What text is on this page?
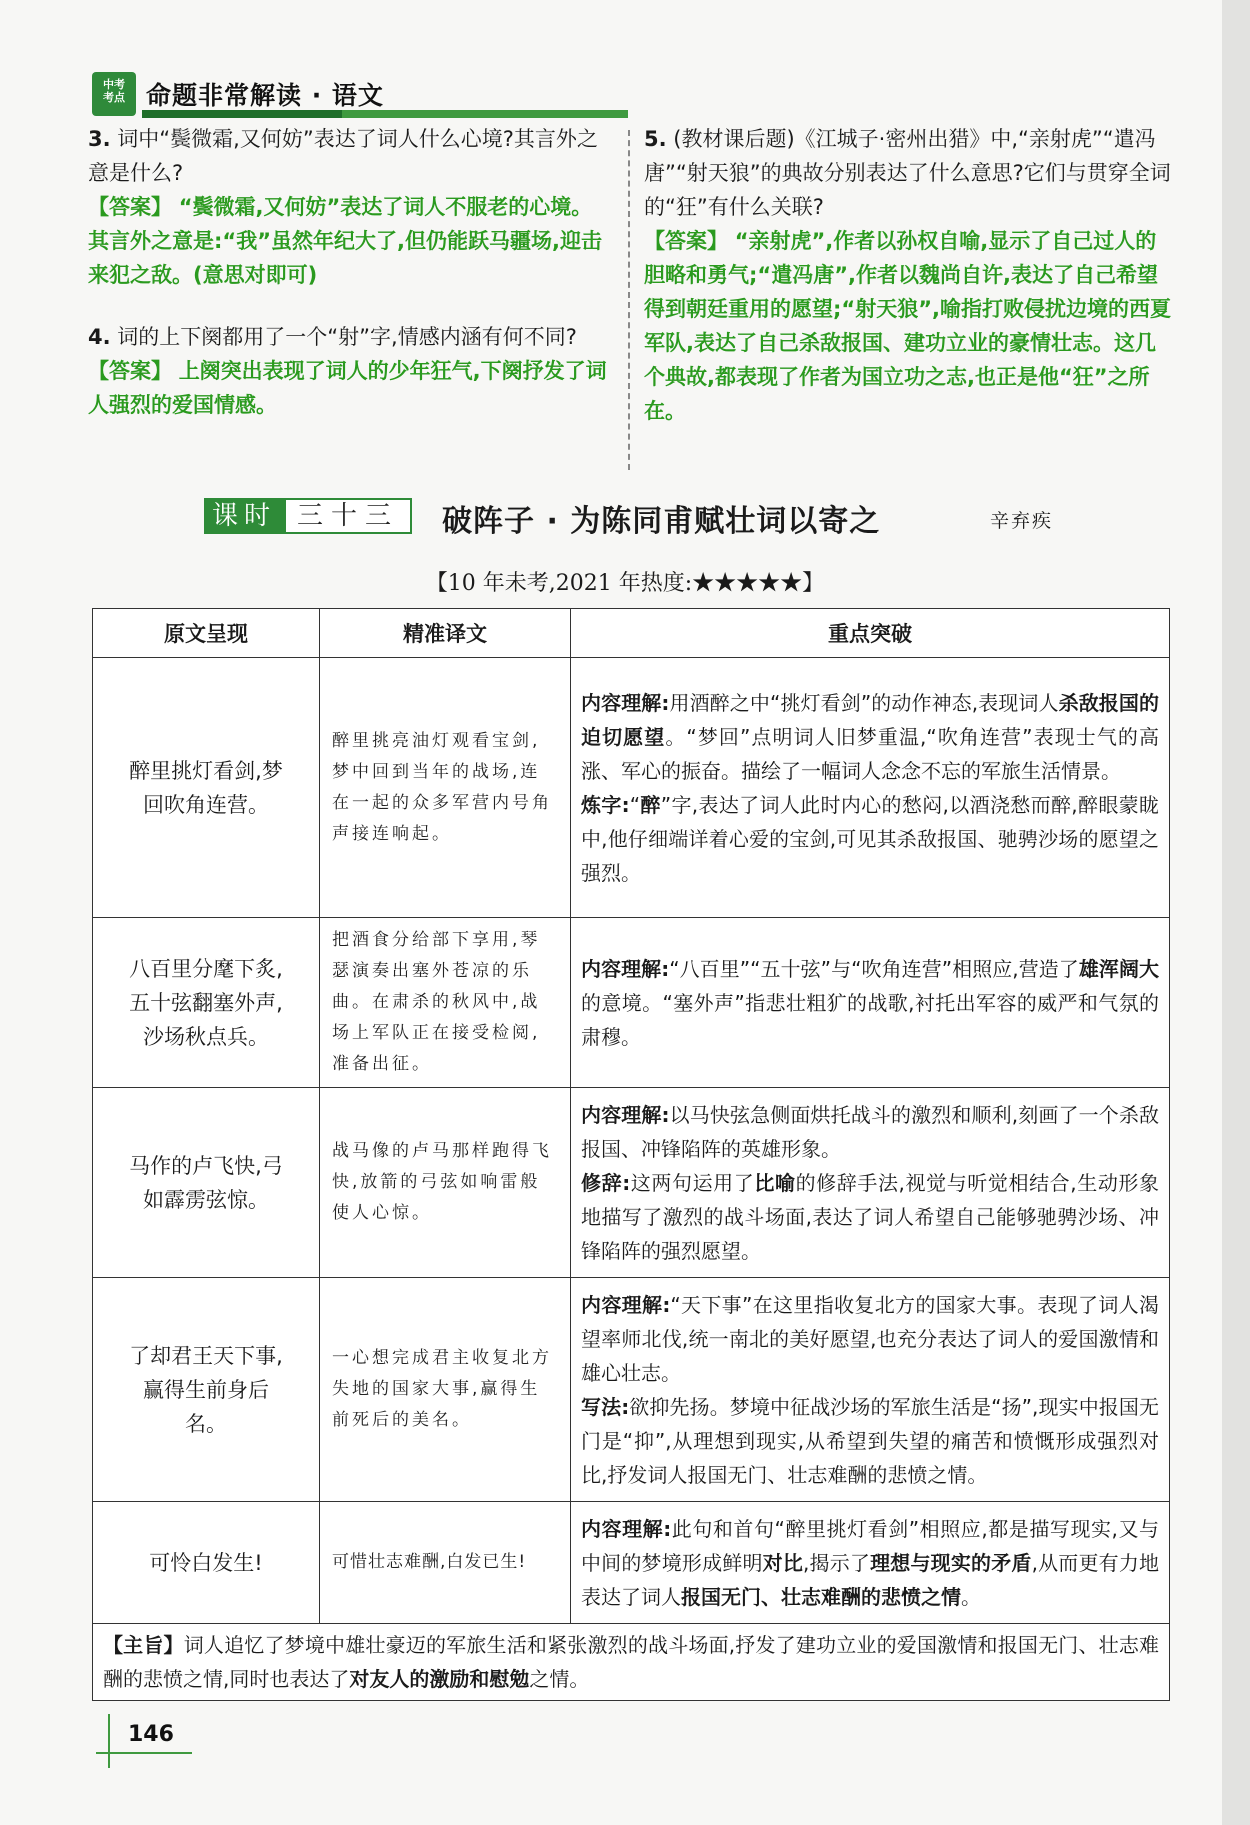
中考
考点 命题非常解读 · 语文
3. 词中“鬓微霜,又何妨”表达了词人什么心境?其言外之意是什么?
【答案】 “鬓微霜,又何妨”表达了词人不服老的心境。其言外之意是:“我”虽然年纪大了,但仍能跃马疆场,迎击来犯之敌。(意思对即可)
4. 词的上下阕都用了一个“射”字,情感内涵有何不同?
【答案】 上阕突出表现了词人的少年狂气,下阕抒发了词人强烈的爱国情感。
5. (教材课后题)《江城子·密州出猎》中,“亲射虎”“遣冯唐”“射天狼”的典故分别表达了什么意思?它们与贯穿全词的“狂”有什么关联?
【答案】 “亲射虎”,作者以孙权自喻,显示了自己过人的胆略和勇气;“遣冯唐”,作者以魏尚自许,表达了自己希望得到朝廷重用的愿望;“射天狼”,喻指打败侵扰边境的西夏军队,表达了自己杀敌报国、建功立业的豪情壮志。这几个典故,都表现了作者为国立功之志,也正是他“狂”之所在。
课时 三十三	破阵子 · 为陈同甫赋壮词以寄之	辛弃疾
【10 年未考,2021 年热度:★★★★★】
原文呈现	精准译文	重点突破

醉里挑灯看剑,梦回吹角连营。	醉里挑亮油灯观看宝剑,梦中回到当年的战场,连在一起的众多军营内号角声接连响起。	内容理解:用酒醉之中“挑灯看剑”的动作神态,表现词人杀敌报国的迫切愿望。“梦回”点明词人旧梦重温,“吹角连营”表现士气的高涨、军心的振奋。描绘了一幅词人念念不忘的军旅生活情景。
炼字:“醉”字,表达了词人此时内心的愁闷,以酒浇愁而醉,醉眼蒙眬中,他仔细端详着心爱的宝剑,可见其杀敌报国、驰骋沙场的愿望之强烈。

八百里分麾下炙,五十弦翻塞外声,沙场秋点兵。	把酒食分给部下享用,琴瑟演奏出塞外苍凉的乐曲。在肃杀的秋风中,战场上军队正在接受检阅,准备出征。	内容理解:“八百里”“五十弦”与“吹角连营”相照应,营造了雄浑阔大的意境。“塞外声”指悲壮粗犷的战歌,衬托出军容的威严和气氛的肃穆。

马作的卢飞快,弓如霹雳弦惊。	战马像的卢马那样跑得飞快,放箭的弓弦如响雷般使人心惊。	内容理解:以马快弦急侧面烘托战斗的激烈和顺利,刻画了一个杀敌报国、冲锋陷阵的英雄形象。
修辞:这两句运用了比喻的修辞手法,视觉与听觉相结合,生动形象地描写了激烈的战斗场面,表达了词人希望自己能够驰骋沙场、冲锋陷阵的强烈愿望。

了却君王天下事,赢得生前身后名。	一心想完成君主收复北方失地的国家大事,赢得生前死后的美名。	内容理解:“天下事”在这里指收复北方的国家大事。表现了词人渴望率师北伐,统一南北的美好愿望,也充分表达了词人的爱国激情和雄心壮志。
写法:欲抑先扬。梦境中征战沙场的军旅生活是“扬”,现实中报国无门是“抑”,从理想到现实,从希望到失望的痛苦和愤慨形成强烈对比,抒发词人报国无门、壮志难酬的悲愤之情。

可怜白发生!	可惜壮志难酬,白发已生!	内容理解:此句和首句“醉里挑灯看剑”相照应,都是描写现实,又与中间的梦境形成鲜明对比,揭示了理想与现实的矛盾,从而更有力地表达了词人报国无门、壮志难酬的悲愤之情。
【主旨】词人追忆了梦境中雄壮豪迈的军旅生活和紧张激烈的战斗场面,抒发了建功立业的爱国激情和报国无门、壮志难酬的悲愤之情,同时也表达了对友人的激励和慰勉之情。		
146
